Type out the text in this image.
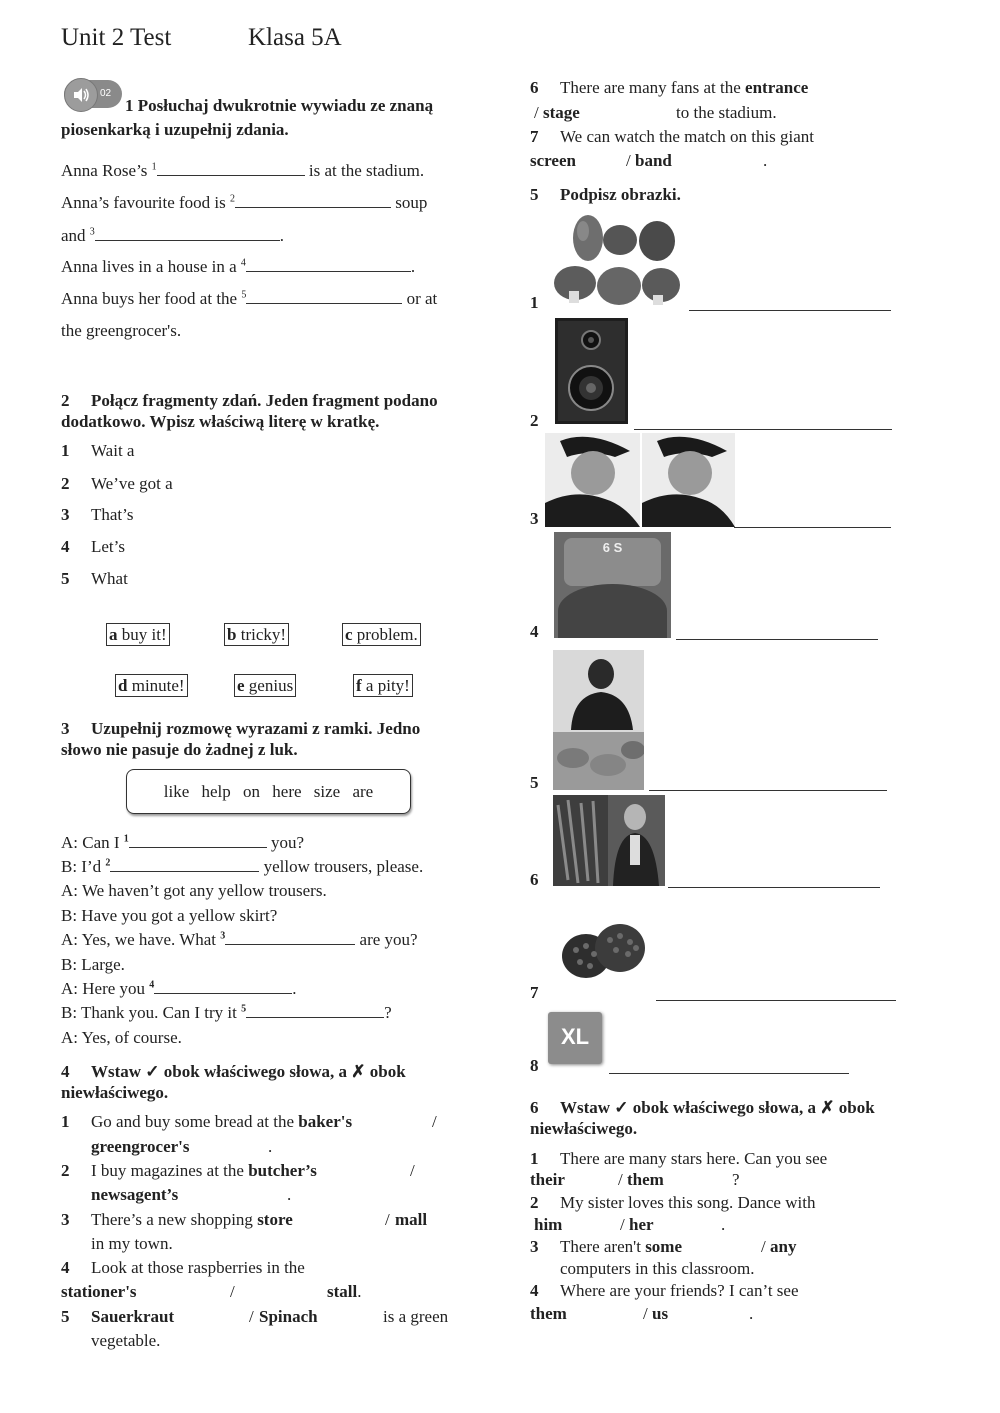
Unit 2 Test	Klasa 5A
02
1 Posłuchaj dwukrotnie wywiadu ze znaną
piosenkarką i uzupełnij zdania.
Anna Rose’s $^1$	is at the stadium.
Anna’s favourite food is $^2$	soup
and $^3$	.
Anna lives in a house in a $^4$	.
Anna buys her food at the $^5$	or at
the greengrocer's.
2 Połącz fragmenty zdań. Jeden fragment podano
dodatkowo. Wpisz właściwą literę w kratkę.
1 Wait a
2 We’ve got a
3 That’s
4 Let’s
5 What
a buy it!	b tricky!	c problem.
d minute!	e genius	f a pity!
3 Uzupełnij rozmowę wyrazami z ramki. Jedno
słowo nie pasuje do żadnej z luk.
like help on here size are
A: Can I $^1$	you?
B: I’d $^2$	yellow trousers, please.
A: We haven’t got any yellow trousers.
B: Have you got a yellow skirt?
A: Yes, we have. What $^3$	are you?
B: Large.
A: Here you $^4$	.
B: Thank you. Can I try it $^5$	?
A: Yes, of course.
4 Wstaw ✓ obok właściwego słowa, a ✗ obok
niewłaściwego.
1 Go and buy some bread at the baker's	/
greengrocer's	.
2 I buy magazines at the butcher’s	/
newsagent’s	.
3 There’s a new shopping store	/ mall
in my town.
4 Look at those raspberries in the
stationer's	/	stall.
5 Sauerkraut	/ Spinach	is a green
vegetable.
6 There are many fans at the entrance
/ stage	to the stadium.
7 We can watch the match on this giant
screen	/ band	.
5 Podpisz obrazki.
1
2
3
4
6 S
5
6
7
8
XL
6 Wstaw ✓ obok właściwego słowa, a ✗ obok
niewłaściwego.
1 There are many stars here. Can you see
their	/ them	?
2 My sister loves this song. Dance with
him	/ her	.
3 There aren't some	/ any
computers in this classroom.
4 Where are your friends? I can’t see
them	/ us	.
